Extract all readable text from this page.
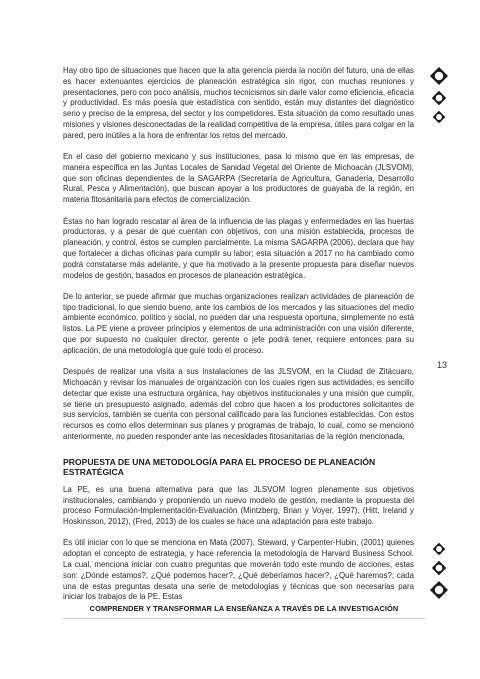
Hay otro tipo de situaciones que hacen que la alta gerencia pierda la noción del futuro, una de ellas es hacer extenuantes ejercicios de planeación estratégica sin rigor, con muchas reuniones y presentaciones, pero con poco análisis, muchos tecnicismos sin darle valor como eficiencia, eficacia y productividad. Es más poesía que estadística con sentido, están muy distantes del diagnóstico serio y preciso de la empresa, del sector y los competidores. Esta situación da como resultado unas misiones y visiones desconectadas de la realidad competitiva de la empresa, útiles para colgar en la pared, pero inútiles a la hora de enfrentar los retos del mercado.

En el caso del gobierno mexicano y sus instituciones, pasa lo mismo que en las empresas, de manera específica en las Juntas Locales de Sanidad Vegetal del Oriente de Michoacán (JLSVOM), que son oficinas dependientes de la SAGARPA (Secretaría de Agricultura, Ganadería, Desarrollo Rural, Pesca y Alimentación), que buscan apoyar a los productores de guayaba de la región, en materia fitosanitaria para efectos de comercialización.

Éstas no han logrado rescatar al área de la influencia de las plagas y enfermedades en las huertas productoras, y a pesar de que cuentan con objetivos, con una misión establecida, procesos de planeación, y control, éstos se cumplen parcialmente. La misma SAGARPA (2006), declara que hay que fortalecer a dichas oficinas para cumplir su labor; esta situación a 2017 no ha cambiado como podrá constatarse más adelante, y que ha motivado a la presente propuesta para diseñar nuevos modelos de gestión, basados en procesos de planeación estratégica.

De lo anterior, se puede afirmar que muchas organizaciones realizan actividades de planeación de tipo tradicional, lo que siendo bueno, ante los cambios de los mercados y las situaciones del medio ambiente económico, político y social, no pueden dar una respuesta oportuna, simplemente no está listos. La PE viene a proveer principios y elementos de una administración con una visión diferente, que por supuesto no cualquier director, gerente o jefe podrá tener, requiere entonces para su aplicación, de una metodología que guíe todo el proceso.

Después de realizar una visita a sus instalaciones de las JLSVOM, en la Ciudad de Zitácuaro, Michoacán y revisar los manuales de organización con los cuales rigen sus actividades, es sencillo detectar que existe una estructura orgánica, hay objetivos institucionales y una misión que cumplir, se tiene un presupuesto asignado, además del cobro que hacen a los productores solicitantes de sus servicios, también se cuenta con personal calificado para las funciones establecidas. Con estos recursos es como ellos determinan sus planes y programas de trabajo, lo cual, como se mencionó anteriormente, no pueden responder ante las necesidades fitosanitarias de la región mencionada.

PROPUESTA DE UNA METODOLOGÍA PARA EL PROCESO DE PLANEACIÓN ESTRATÉGICA

La PE, es una buena alternativa para que las JLSVOM logren plenamente sus objetivos institucionales, cambiando y proponiendo un nuevo modelo de gestión, mediante la propuesta del proceso Formulación-Implementación-Evaluación (Mintzberg, Brian y Voyer, 1997), (Hitt, Ireland y Hoskinsson, 2012), (Fred, 2013) de los cuales se hace una adaptación para este trabajo.

Es útil iniciar con lo que se menciona en Mata (2007), Steward, y Carpenter-Hubin, (2001) quienes adoptan el concepto de estrategia, y hace referencia la metodología de Harvard Business School. La cual, menciona iniciar con cuatro preguntas que moverán todo este mundo de acciones, estas son: ¿Dónde estamos?, ¿Qué podemos hacer?, ¿Qué deberíamos hacer?, ¿Qué haremos?; cada una de estas preguntas desata una serie de metodologías y técnicas que son necesarias para iniciar los trabajos de la PE. Estas

13
COMPRENDER Y TRANSFORMAR LA ENSEÑANZA A TRAVÉS DE LA INVESTIGACIÓN
